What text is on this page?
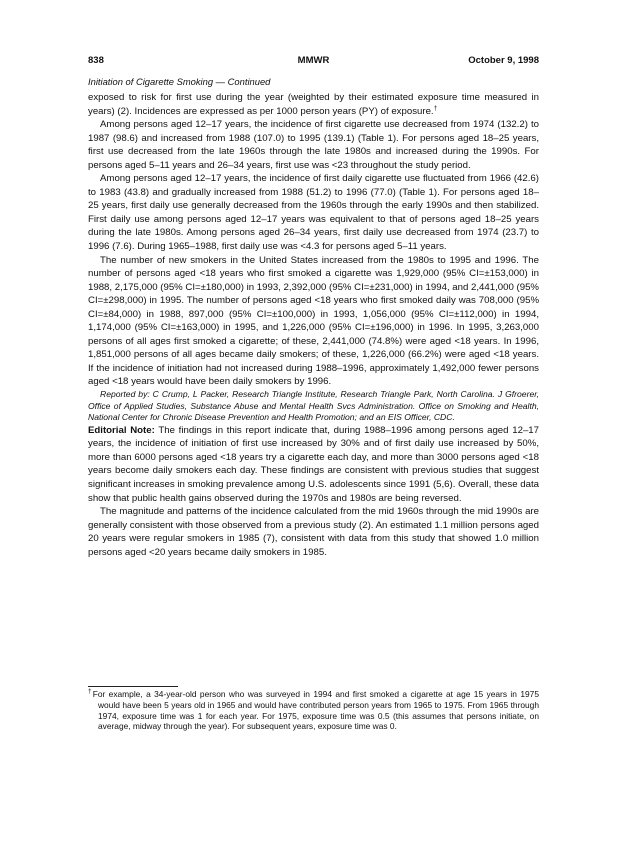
838	MMWR	October 9, 1998
Initiation of Cigarette Smoking — Continued

exposed to risk for first use during the year (weighted by their estimated exposure time measured in years) (2). Incidences are expressed as per 1000 person years (PY) of exposure.†

Among persons aged 12–17 years, the incidence of first cigarette use decreased from 1974 (132.2) to 1987 (98.6) and increased from 1988 (107.0) to 1995 (139.1) (Table 1). For persons aged 18–25 years, first use decreased from the late 1960s through the late 1980s and increased during the 1990s. For persons aged 5–11 years and 26–34 years, first use was <23 throughout the study period.

Among persons aged 12–17 years, the incidence of first daily cigarette use fluctuated from 1966 (42.6) to 1983 (43.8) and gradually increased from 1988 (51.2) to 1996 (77.0) (Table 1). For persons aged 18–25 years, first daily use generally decreased from the 1960s through the early 1990s and then stabilized. First daily use among persons aged 12–17 years was equivalent to that of persons aged 18–25 years during the late 1980s. Among persons aged 26–34 years, first daily use decreased from 1974 (23.7) to 1996 (7.6). During 1965–1988, first daily use was <4.3 for persons aged 5–11 years.

The number of new smokers in the United States increased from the 1980s to 1995 and 1996. The number of persons aged <18 years who first smoked a cigarette was 1,929,000 (95% CI=±153,000) in 1988, 2,175,000 (95% CI=±180,000) in 1993, 2,392,000 (95% CI=±231,000) in 1994, and 2,441,000 (95% CI=±298,000) in 1995. The number of persons aged <18 years who first smoked daily was 708,000 (95% CI=±84,000) in 1988, 897,000 (95% CI=±100,000) in 1993, 1,056,000 (95% CI=±112,000) in 1994, 1,174,000 (95% CI=±163,000) in 1995, and 1,226,000 (95% CI=±196,000) in 1996. In 1995, 3,263,000 persons of all ages first smoked a cigarette; of these, 2,441,000 (74.8%) were aged <18 years. In 1996, 1,851,000 persons of all ages became daily smokers; of these, 1,226,000 (66.2%) were aged <18 years. If the incidence of initiation had not increased during 1988–1996, approximately 1,492,000 fewer persons aged <18 years would have been daily smokers by 1996.

Reported by: C Crump, L Packer, Research Triangle Institute, Research Triangle Park, North Carolina. J Gfroerer, Office of Applied Studies, Substance Abuse and Mental Health Svcs Administration. Office on Smoking and Health, National Center for Chronic Disease Prevention and Health Promotion; and an EIS Officer, CDC.

Editorial Note: The findings in this report indicate that, during 1988–1996 among persons aged 12–17 years, the incidence of initiation of first use increased by 30% and of first daily use increased by 50%, more than 6000 persons aged <18 years try a cigarette each day, and more than 3000 persons aged <18 years become daily smokers each day. These findings are consistent with previous studies that suggest significant increases in smoking prevalence among U.S. adolescents since 1991 (5,6). Overall, these data show that public health gains observed during the 1970s and 1980s are being reversed.

The magnitude and patterns of the incidence calculated from the mid 1960s through the mid 1990s are generally consistent with those observed from a previous study (2). An estimated 1.1 million persons aged 20 years were regular smokers in 1985 (7), consistent with data from this study that showed 1.0 million persons aged <20 years became daily smokers in 1985.

†For example, a 34-year-old person who was surveyed in 1994 and first smoked a cigarette at age 15 years in 1975 would have been 5 years old in 1965 and would have contributed person years from 1965 to 1975. From 1965 through 1974, exposure time was 1 for each year. For 1975, exposure time was 0.5 (this assumes that persons initiate, on average, midway through the year). For subsequent years, exposure time was 0.
